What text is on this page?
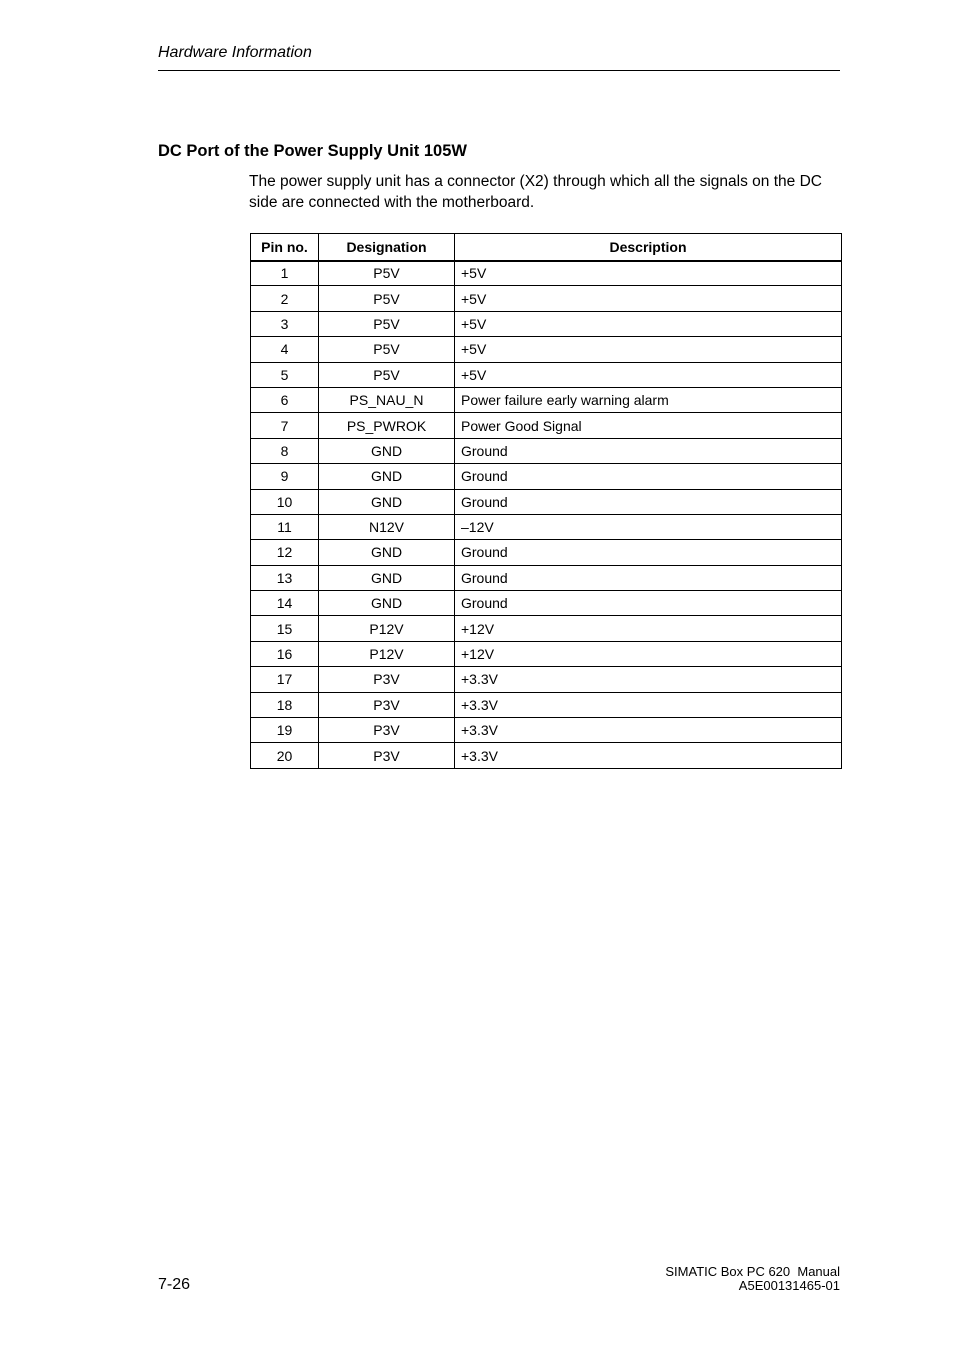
Hardware Information
DC Port of the Power Supply Unit 105W

The power supply unit has a connector (X2) through which all the signals on the DC side are connected with the motherboard.

Pin no.	Designation	Description
1	P5V	+5V
2	P5V	+5V
3	P5V	+5V
4	P5V	+5V
5	P5V	+5V
6	PS_NAU_N	Power failure early warning alarm
7	PS_PWROK	Power Good Signal
8	GND	Ground
9	GND	Ground
10	GND	Ground
11	N12V	–12V
12	GND	Ground
13	GND	Ground
14	GND	Ground
15	P12V	+12V
16	P12V	+12V
17	P3V	+3.3V
18	P3V	+3.3V
19	P3V	+3.3V
20	P3V	+3.3V
7-26
SIMATIC Box PC 620  Manual
A5E00131465-01
